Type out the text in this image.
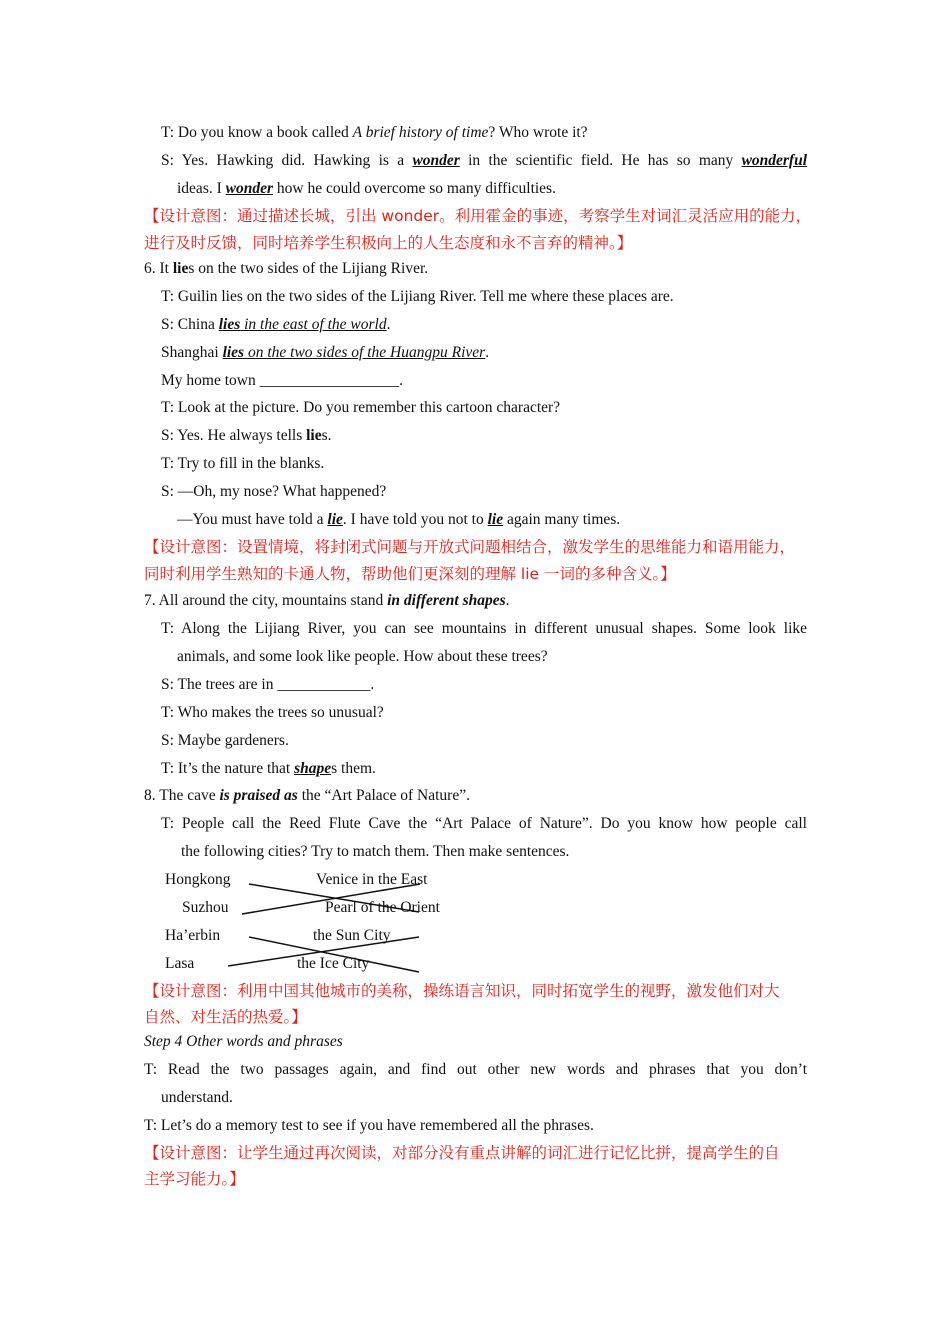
T: Do you know a book called A brief history of time? Who wrote it?
S: Yes. Hawking did. Hawking is a wonder in the scientific field. He has so many wonderful
ideas. I wonder how he could overcome so many difficulties.
【设计意图：通过描述长城，引出 wonder。利用霍金的事迹，考察学生对词汇灵活应用的能力，
进行及时反馈，同时培养学生积极向上的人生态度和永不言弃的精神。】
6. It lies on the two sides of the Lijiang River.
T: Guilin lies on the two sides of the Lijiang River. Tell me where these places are.
S: China lies in the east of the world.
Shanghai lies on the two sides of the Huangpu River.
My home town __________________.
T: Look at the picture. Do you remember this cartoon character?
S: Yes. He always tells lies.
T: Try to fill in the blanks.
S: —Oh, my nose? What happened?
—You must have told a lie. I have told you not to lie again many times.
【设计意图：设置情境，将封闭式问题与开放式问题相结合，激发学生的思维能力和语用能力，
同时利用学生熟知的卡通人物，帮助他们更深刻的理解 lie 一词的多种含义。】
7. All around the city, mountains stand in different shapes.
T: Along the Lijiang River, you can see mountains in different unusual shapes. Some look like
animals, and some look like people. How about these trees?
S: The trees are in ____________.
T: Who makes the trees so unusual?
S: Maybe gardeners.
T: It’s the nature that shapes them.
8. The cave is praised as the “Art Palace of Nature”.
T: People call the Reed Flute Cave the “Art Palace of Nature”. Do you know how people call
the following cities? Try to match them. Then make sentences.
Hongkong
Suzhou
Ha’erbin
Lasa
Venice in the East
Pearl of the Orient
the Sun City
the Ice City
【设计意图：利用中国其他城市的美称，操练语言知识，同时拓宽学生的视野，激发他们对大
自然、对生活的热爱。】
Step 4 Other words and phrases
T: Read the two passages again, and find out other new words and phrases that you don’t
understand.
T: Let’s do a memory test to see if you have remembered all the phrases.
【设计意图：让学生通过再次阅读，对部分没有重点讲解的词汇进行记忆比拼，提高学生的自
主学习能力。】
